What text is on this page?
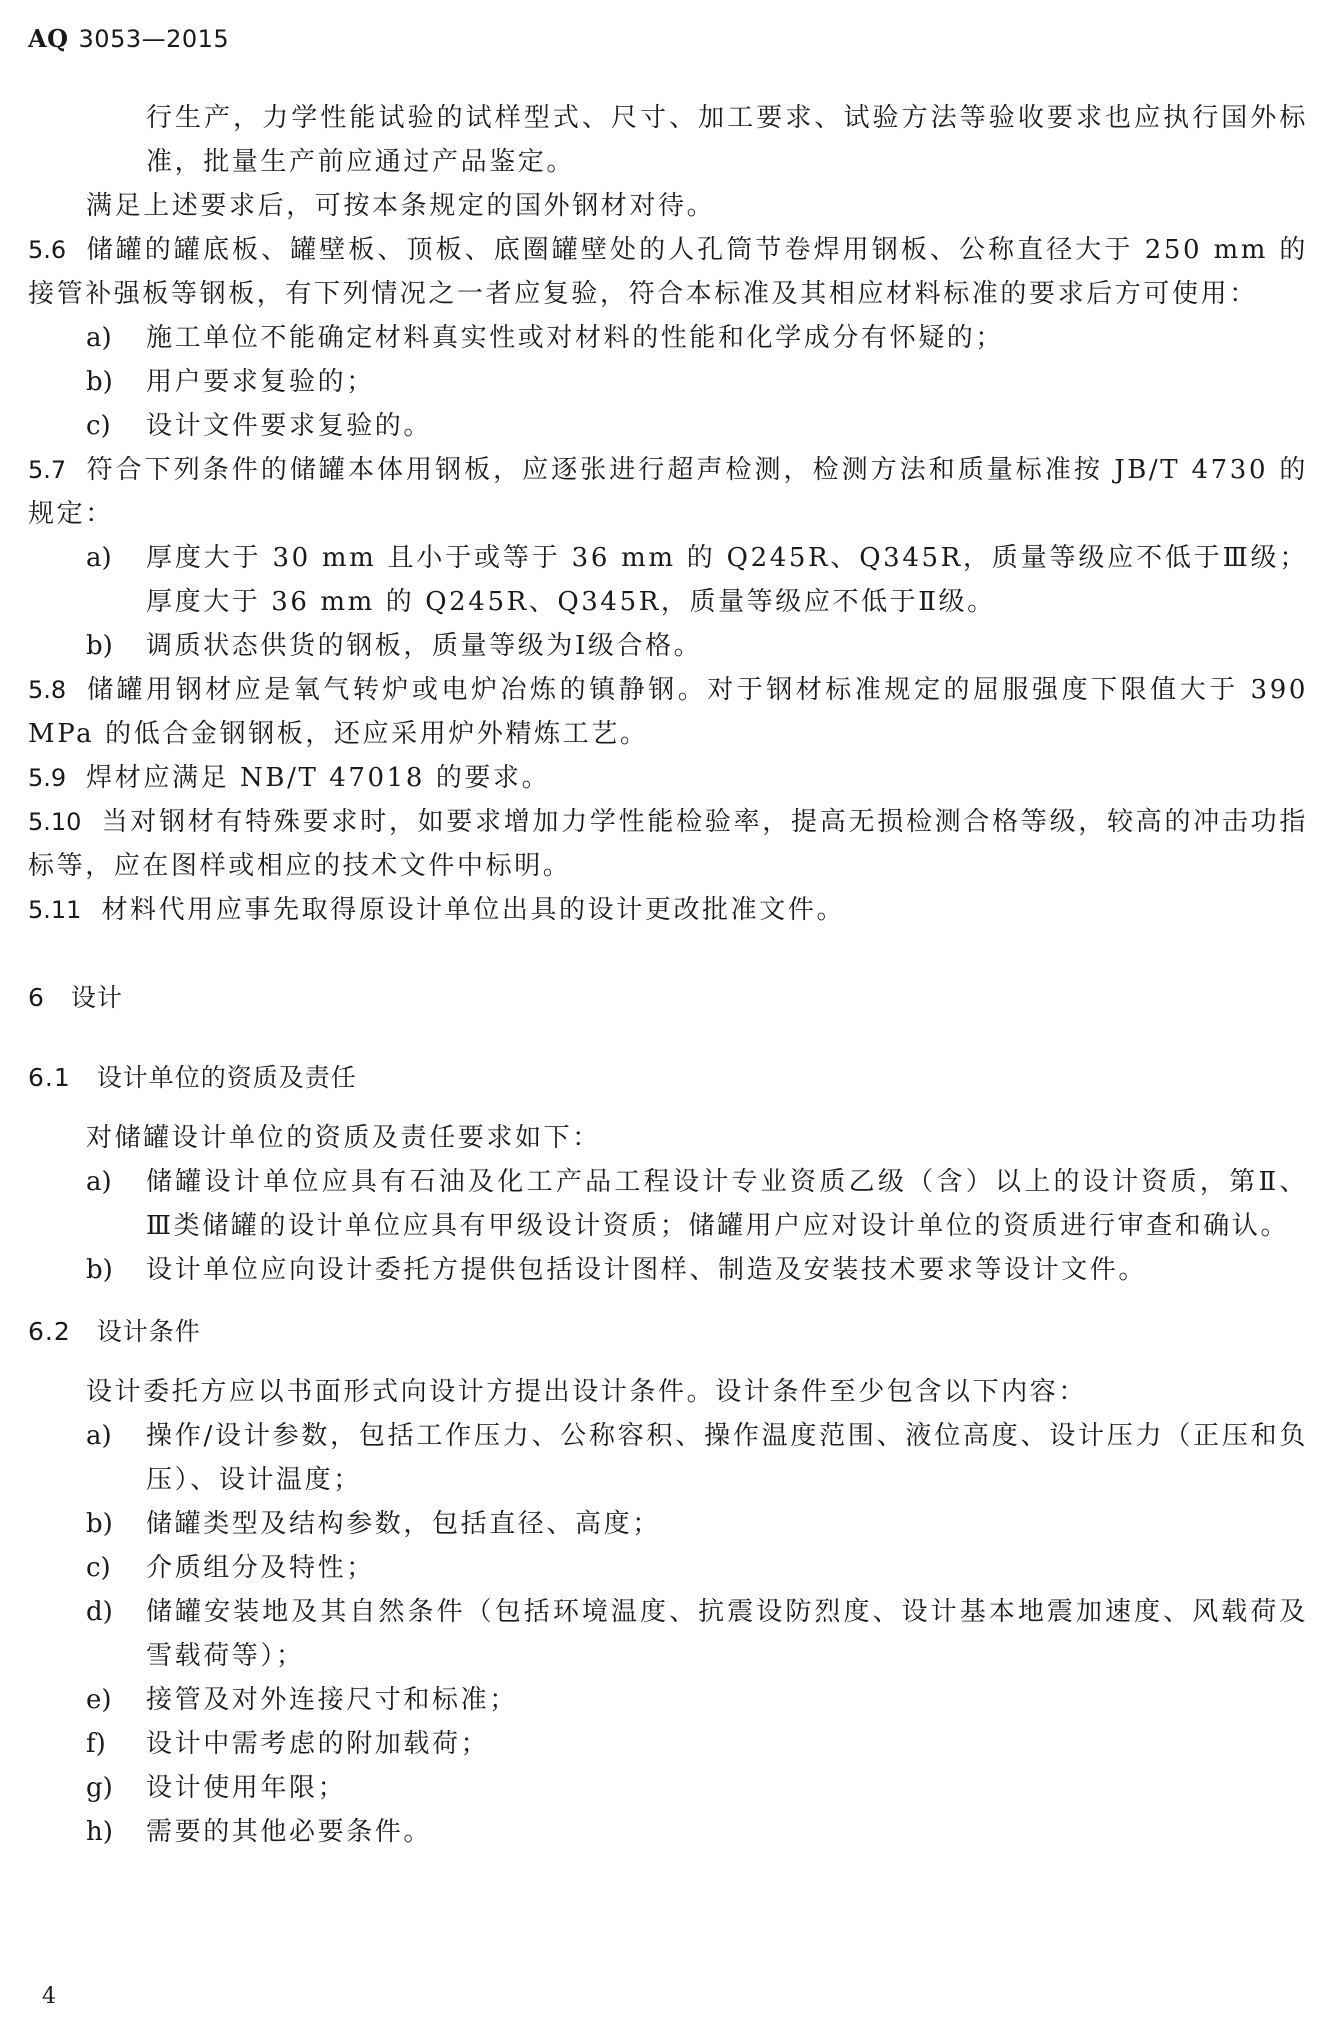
AQ 3053—2015

行生产，力学性能试验的试样型式、尺寸、加工要求、试验方法等验收要求也应执行国外标准，批量生产前应通过产品鉴定。

满足上述要求后，可按本条规定的国外钢材对待。

5.6 储罐的罐底板、罐壁板、顶板、底圈罐壁处的人孔筒节卷焊用钢板、公称直径大于 250 mm 的接管补强板等钢板，有下列情况之一者应复验，符合本标准及其相应材料标准的要求后方可使用：

a)	施工单位不能确定材料真实性或对材料的性能和化学成分有怀疑的；
b)	用户要求复验的；
c)	设计文件要求复验的。

5.7 符合下列条件的储罐本体用钢板，应逐张进行超声检测，检测方法和质量标准按 JB/T 4730 的规定：

a)	厚度大于 30 mm 且小于或等于 36 mm 的 Q245R、Q345R，质量等级应不低于Ⅲ级；厚度大于 36 mm 的 Q245R、Q345R，质量等级应不低于Ⅱ级。
b)	调质状态供货的钢板，质量等级为Ⅰ级合格。

5.8 储罐用钢材应是氧气转炉或电炉冶炼的镇静钢。对于钢材标准规定的屈服强度下限值大于 390 MPa 的低合金钢钢板，还应采用炉外精炼工艺。

5.9 焊材应满足 NB/T 47018 的要求。

5.10 当对钢材有特殊要求时，如要求增加力学性能检验率，提高无损检测合格等级，较高的冲击功指标等，应在图样或相应的技术文件中标明。

5.11 材料代用应事先取得原设计单位出具的设计更改批准文件。

6 设计
6.1 设计单位的资质及责任

对储罐设计单位的资质及责任要求如下：

a)	储罐设计单位应具有石油及化工产品工程设计专业资质乙级（含）以上的设计资质，第Ⅱ、Ⅲ类储罐的设计单位应具有甲级设计资质；储罐用户应对设计单位的资质进行审查和确认。
b)	设计单位应向设计委托方提供包括设计图样、制造及安装技术要求等设计文件。
6.2 设计条件

设计委托方应以书面形式向设计方提出设计条件。设计条件至少包含以下内容：

a)	操作/设计参数，包括工作压力、公称容积、操作温度范围、液位高度、设计压力（正压和负压）、设计温度；
b)	储罐类型及结构参数，包括直径、高度；
c)	介质组分及特性；
d)	储罐安装地及其自然条件（包括环境温度、抗震设防烈度、设计基本地震加速度、风载荷及雪载荷等）；
e)	接管及对外连接尺寸和标准；
f)	设计中需考虑的附加载荷；
g)	设计使用年限；
h)	需要的其他必要条件。
4
